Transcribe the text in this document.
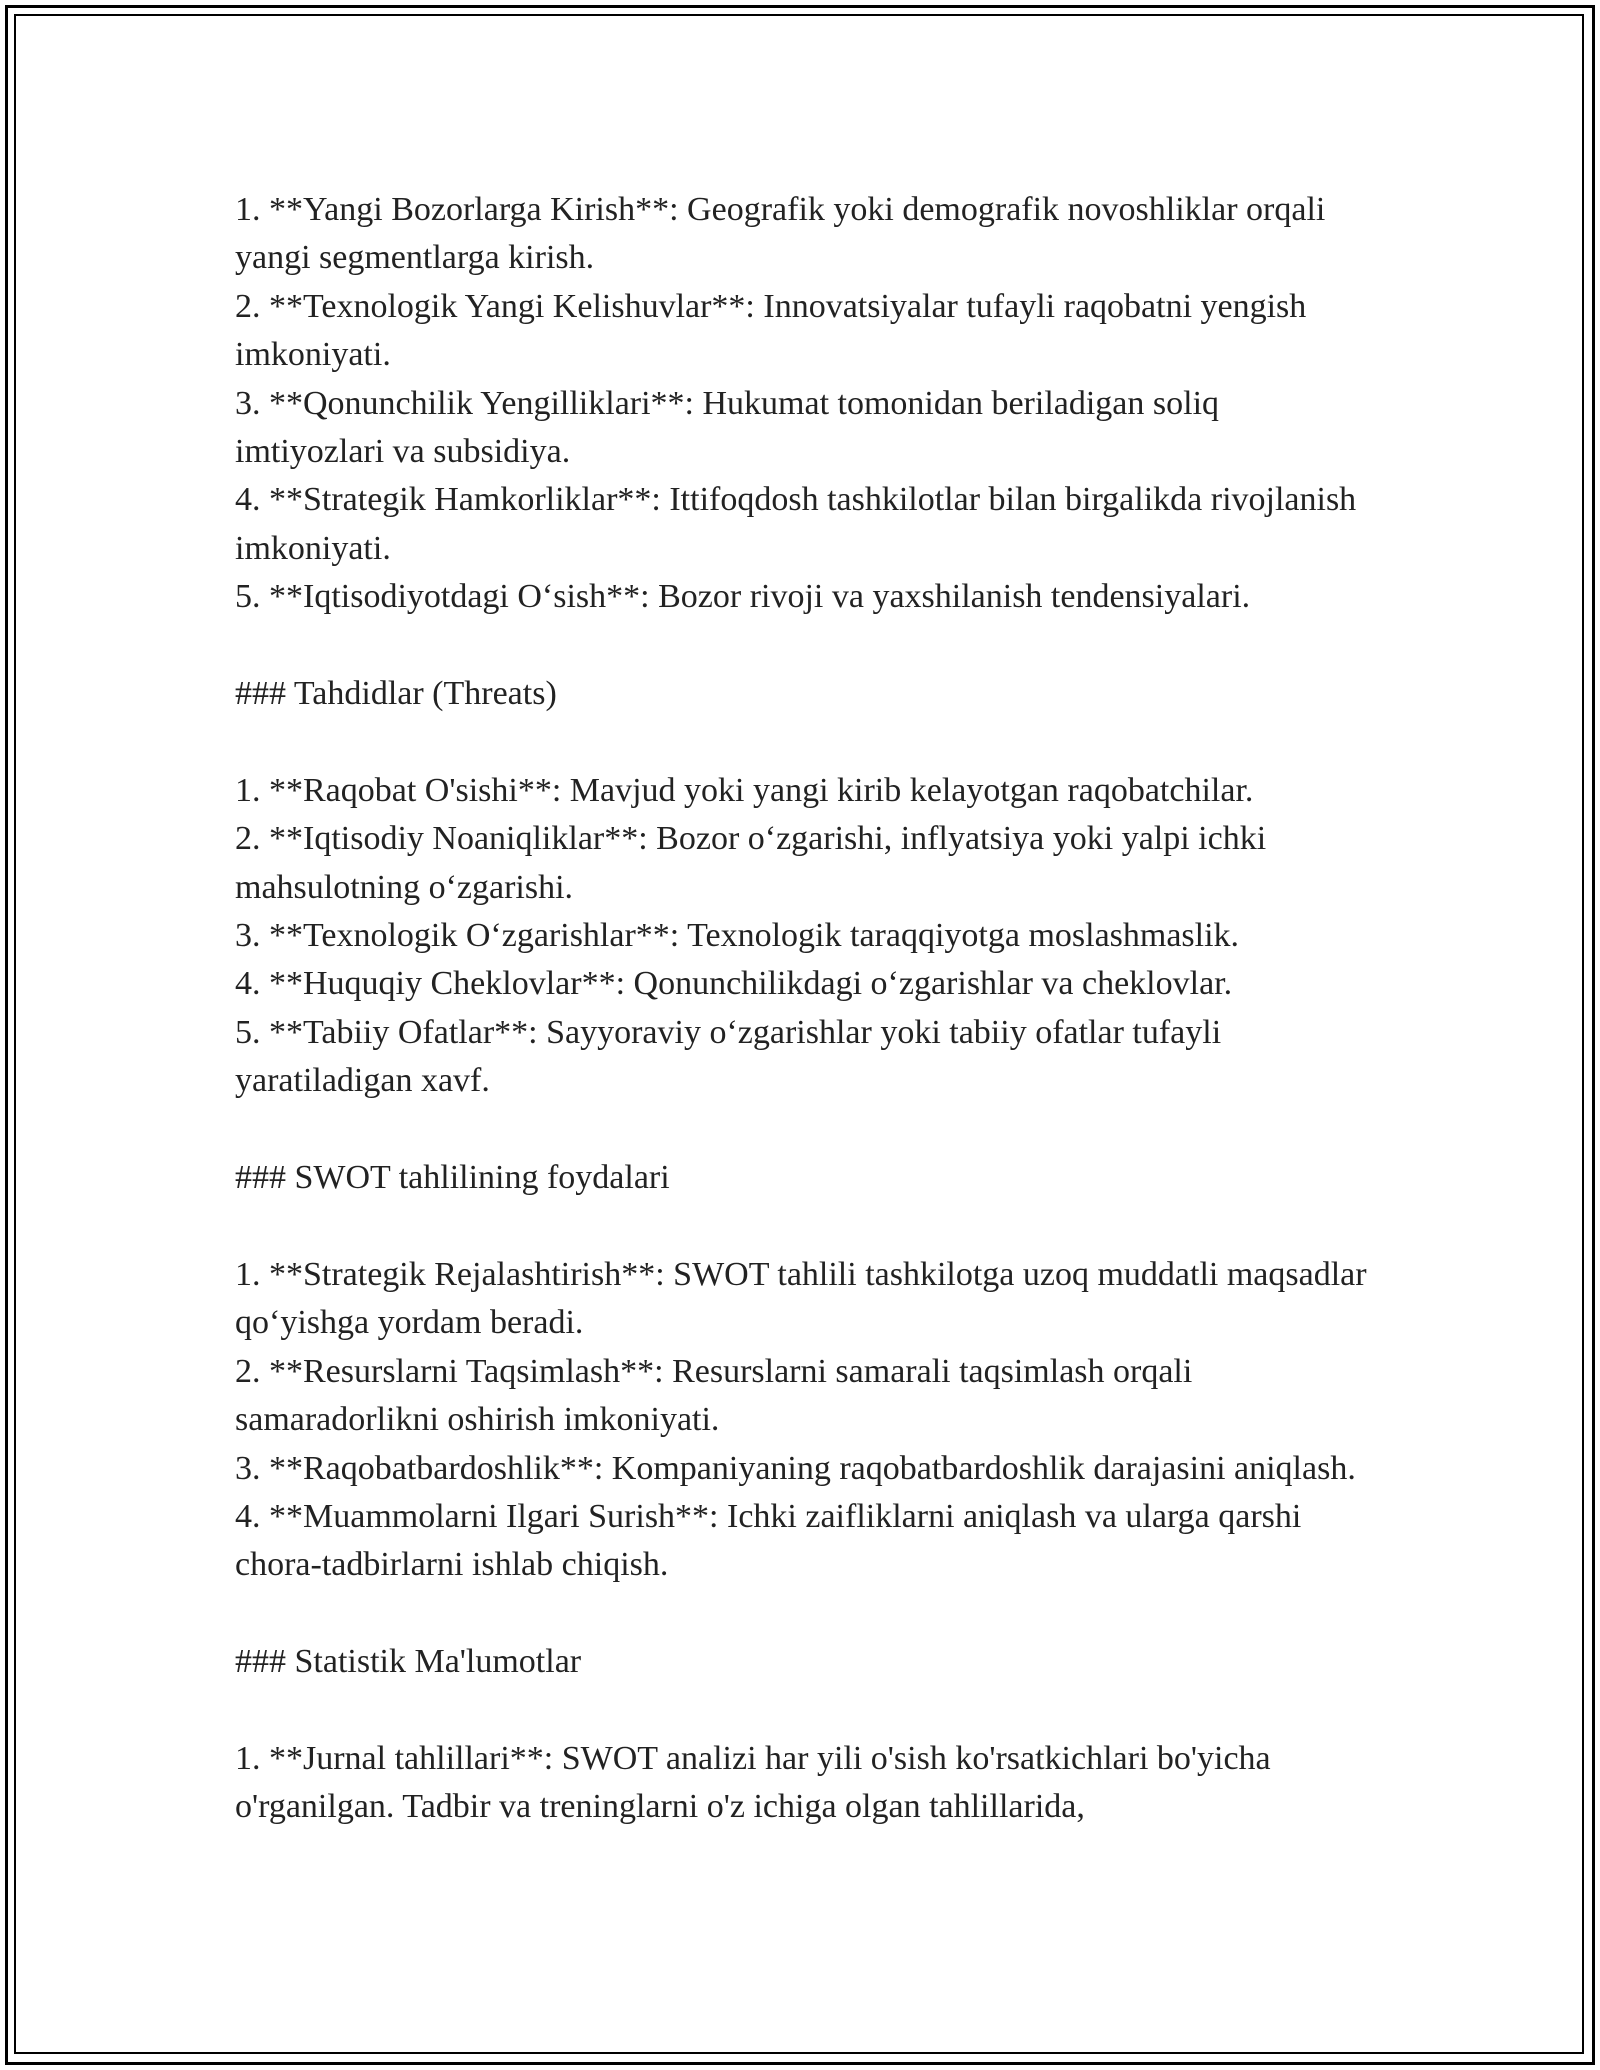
1. **Yangi Bozorlarga Kirish**: Geografik yoki demografik novoshliklar orqali yangi segmentlarga kirish.

2. **Texnologik Yangi Kelishuvlar**: Innovatsiyalar tufayli raqobatni yengish imkoniyati.

3. **Qonunchilik Yengilliklari**: Hukumat tomonidan beriladigan soliq imtiyozlari va subsidiya.

4. **Strategik Hamkorliklar**: Ittifoqdosh tashkilotlar bilan birgalikda rivojlanish imkoniyati.

5. **Iqtisodiyotdagi O‘sish**: Bozor rivoji va yaxshilanish tendensiyalari.

### Tahdidlar (Threats)

1. **Raqobat O'sishi**: Mavjud yoki yangi kirib kelayotgan raqobatchilar.

2. **Iqtisodiy Noaniqliklar**: Bozor o‘zgarishi, inflyatsiya yoki yalpi ichki mahsulotning o‘zgarishi.

3. **Texnologik O‘zgarishlar**: Texnologik taraqqiyotga moslashmaslik.

4. **Huquqiy Cheklovlar**: Qonunchilikdagi o‘zgarishlar va cheklovlar.

5. **Tabiiy Ofatlar**: Sayyoraviy o‘zgarishlar yoki tabiiy ofatlar tufayli yaratiladigan xavf.

### SWOT tahlilining foydalari

1. **Strategik Rejalashtirish**: SWOT tahlili tashkilotga uzoq muddatli maqsadlar qo‘yishga yordam beradi.

2. **Resurslarni Taqsimlash**: Resurslarni samarali taqsimlash orqali samaradorlikni oshirish imkoniyati.

3. **Raqobatbardoshlik**: Kompaniyaning raqobatbardoshlik darajasini aniqlash.

4. **Muammolarni Ilgari Surish**: Ichki zaifliklarni aniqlash va ularga qarshi chora-tadbirlarni ishlab chiqish.

### Statistik Ma'lumotlar

1. **Jurnal tahlillari**: SWOT analizi har yili o'sish ko'rsatkichlari bo'yicha o'rganilgan. Tadbir va treninglarni o'z ichiga olgan tahlillarida,
